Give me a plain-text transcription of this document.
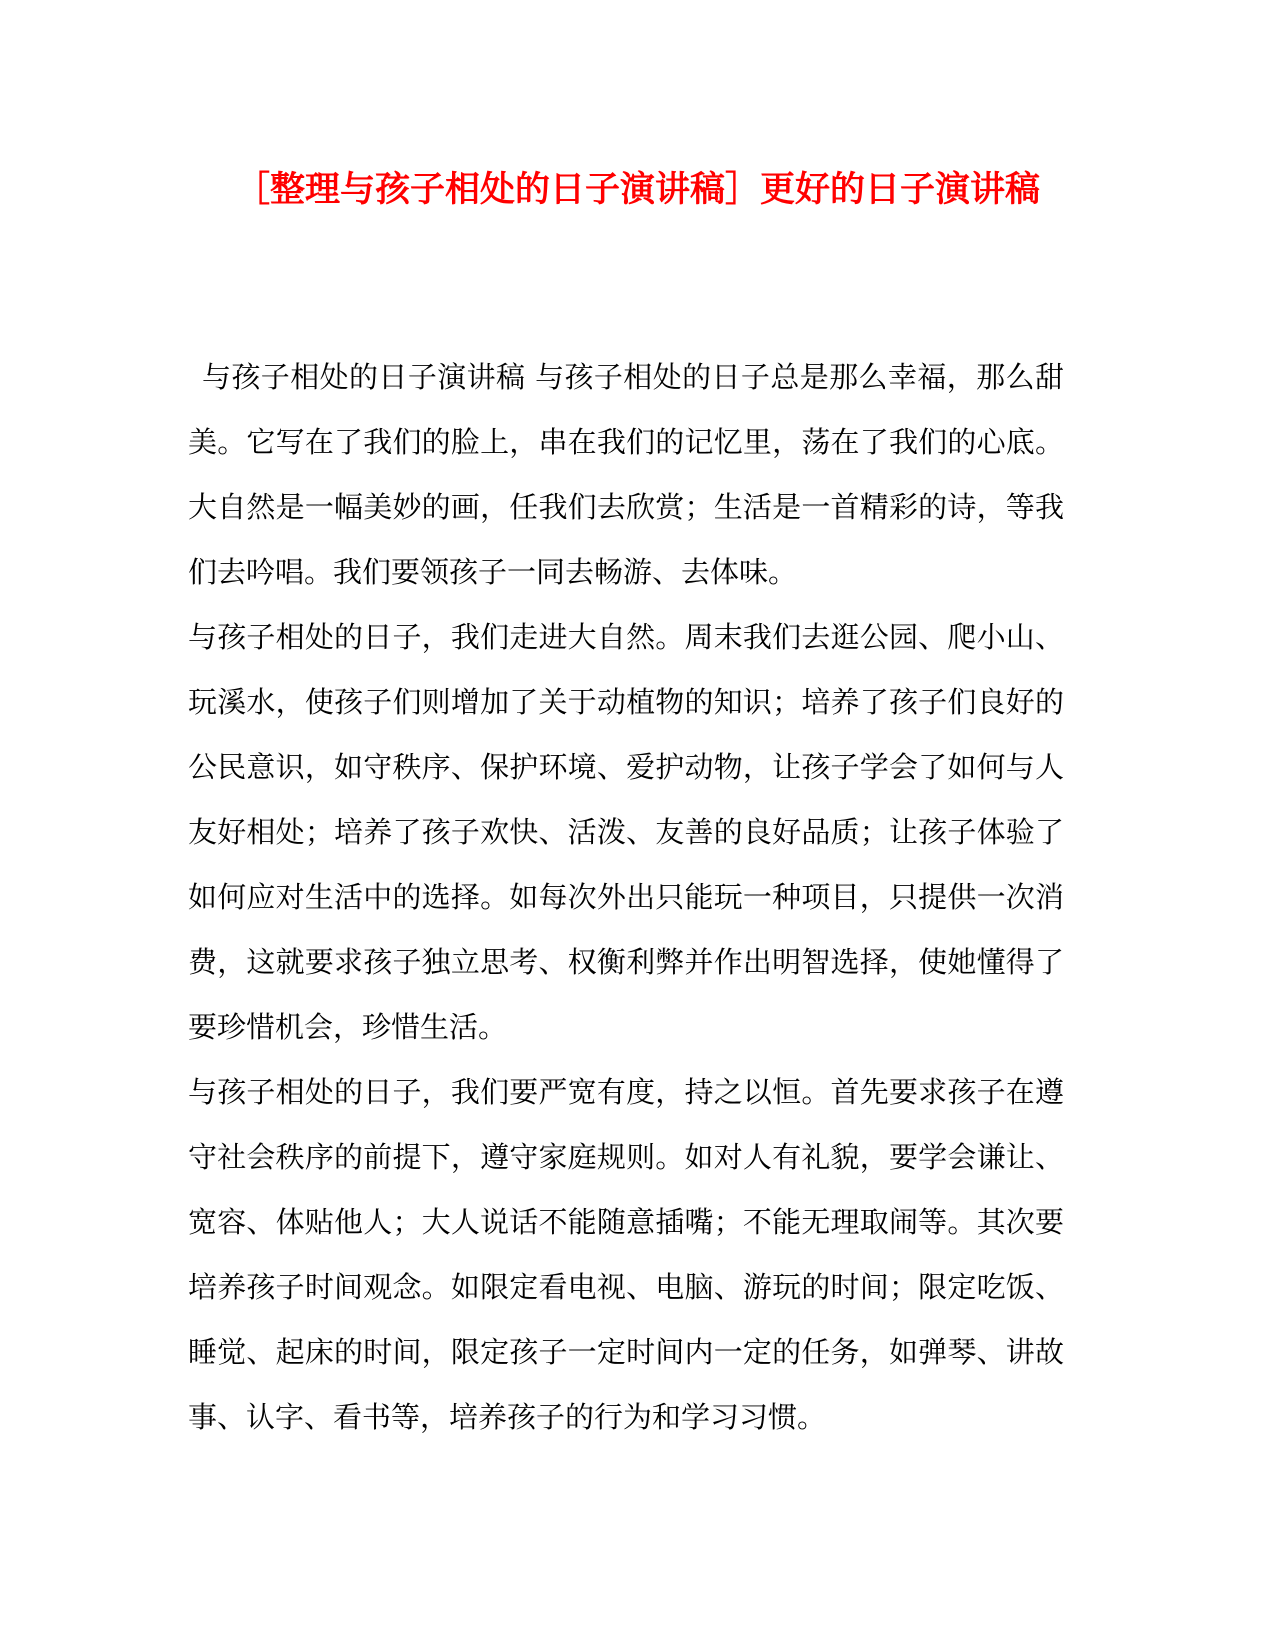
［整理与孩子相处的日子演讲稿］更好的日子演讲稿

与孩子相处的日子演讲稿 与孩子相处的日子总是那么幸福，那么甜美。它写在了我们的脸上，串在我们的记忆里，荡在了我们的心底。大自然是一幅美妙的画，任我们去欣赏；生活是一首精彩的诗，等我们去吟唱。我们要领孩子一同去畅游、去体味。

与孩子相处的日子，我们走进大自然。周末我们去逛公园、爬小山、玩溪水，使孩子们则增加了关于动植物的知识；培养了孩子们良好的公民意识，如守秩序、保护环境、爱护动物，让孩子学会了如何与人友好相处；培养了孩子欢快、活泼、友善的良好品质；让孩子体验了如何应对生活中的选择。如每次外出只能玩一种项目，只提供一次消费，这就要求孩子独立思考、权衡利弊并作出明智选择，使她懂得了要珍惜机会，珍惜生活。

与孩子相处的日子，我们要严宽有度，持之以恒。首先要求孩子在遵守社会秩序的前提下，遵守家庭规则。如对人有礼貌，要学会谦让、宽容、体贴他人；大人说话不能随意插嘴；不能无理取闹等。其次要培养孩子时间观念。如限定看电视、电脑、游玩的时间；限定吃饭、睡觉、起床的时间，限定孩子一定时间内一定的任务，如弹琴、讲故事、认字、看书等，培养孩子的行为和学习习惯。
